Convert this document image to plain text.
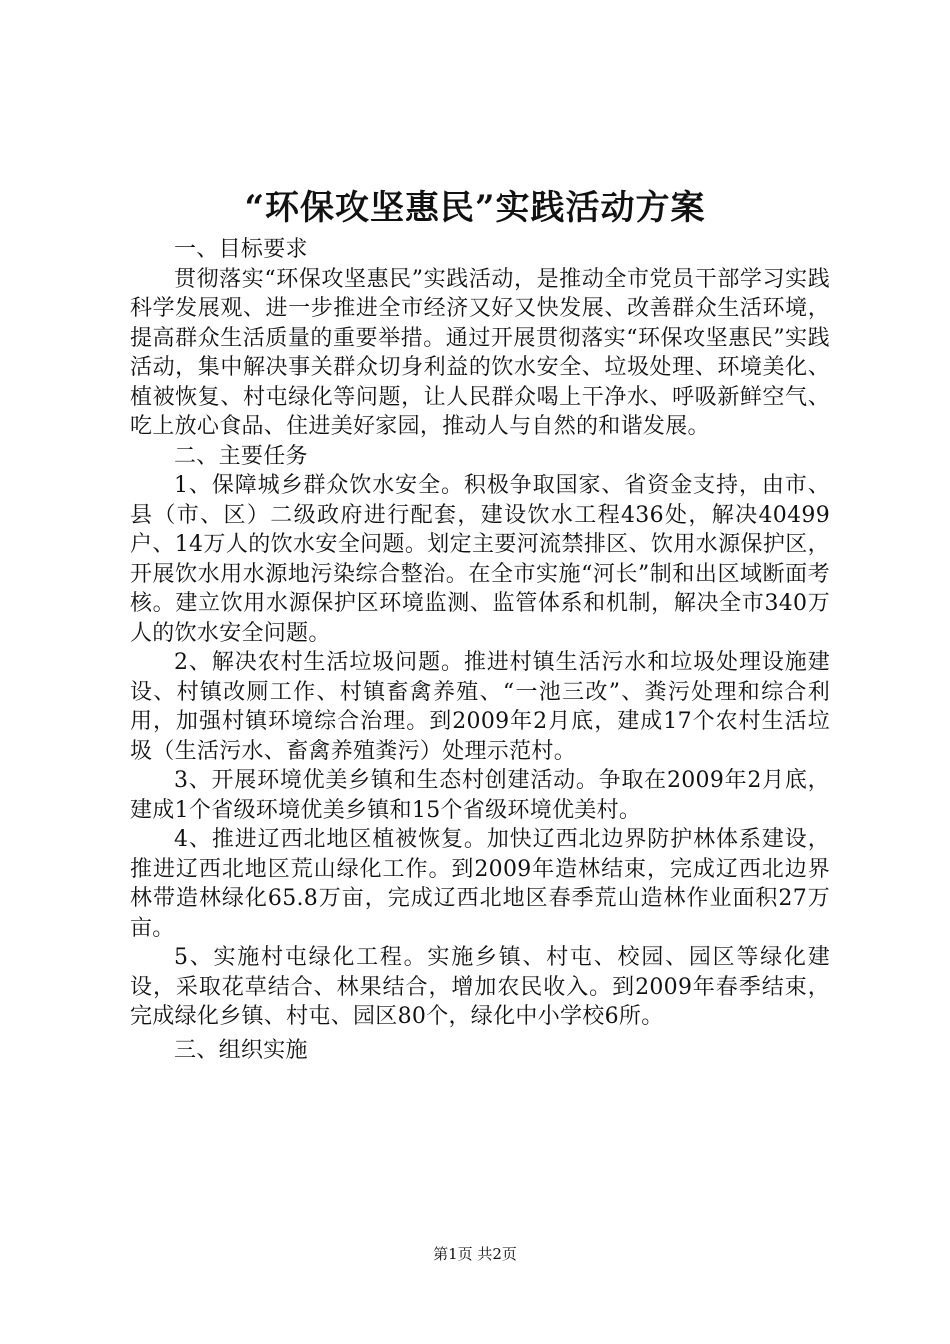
“环保攻坚惠民”实践活动方案

一、目标要求

贯彻落实“环保攻坚惠民”实践活动，是推动全市党员干部学习实践科学发展观、进一步推进全市经济又好又快发展、改善群众生活环境，提高群众生活质量的重要举措。通过开展贯彻落实“环保攻坚惠民”实践活动，集中解决事关群众切身利益的饮水安全、垃圾处理、环境美化、植被恢复、村屯绿化等问题，让人民群众喝上干净水、呼吸新鲜空气、吃上放心食品、住进美好家园，推动人与自然的和谐发展。

二、主要任务

1、保障城乡群众饮水安全。积极争取国家、省资金支持，由市、县（市、区）二级政府进行配套，建设饮水工程436处，解决40499户、14万人的饮水安全问题。划定主要河流禁排区、饮用水源保护区，开展饮水用水源地污染综合整治。在全市实施“河长”制和出区域断面考核。建立饮用水源保护区环境监测、监管体系和机制，解决全市340万人的饮水安全问题。

2、解决农村生活垃圾问题。推进村镇生活污水和垃圾处理设施建设、村镇改厕工作、村镇畜禽养殖、“一池三改”、粪污处理和综合利用，加强村镇环境综合治理。到2009年2月底，建成17个农村生活垃圾（生活污水、畜禽养殖粪污）处理示范村。

3、开展环境优美乡镇和生态村创建活动。争取在2009年2月底，建成1个省级环境优美乡镇和15个省级环境优美村。

4、推进辽西北地区植被恢复。加快辽西北边界防护林体系建设，推进辽西北地区荒山绿化工作。到2009年造林结束，完成辽西北边界林带造林绿化65.8万亩，完成辽西北地区春季荒山造林作业面积27万亩。

5、实施村屯绿化工程。实施乡镇、村屯、校园、园区等绿化建设，采取花草结合、林果结合，增加农民收入。到2009年春季结束，完成绿化乡镇、村屯、园区80个，绿化中小学校6所。

三、组织实施

第1页 共2页
